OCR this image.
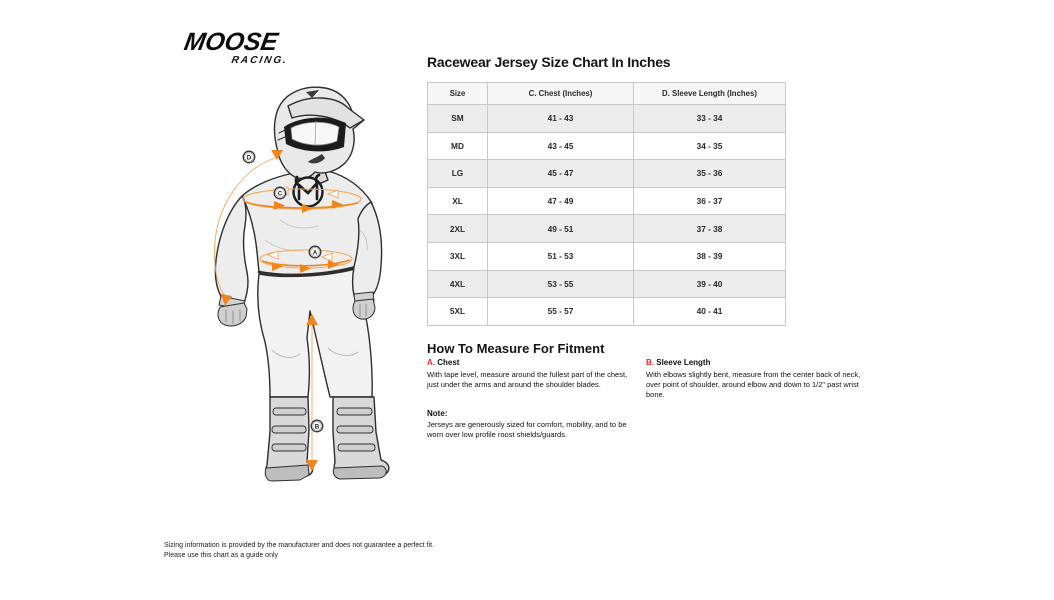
MOOSE
RACING.
D
C
A
B
Racewear Jersey Size Chart In Inches
Size	C. Chest (Inches)	D. Sleeve Length (Inches)
SM	41 - 43	33 - 34
MD	43 - 45	34 - 35
LG	45 - 47	35 - 36
XL	47 - 49	36 - 37
2XL	49 - 51	37 - 38
3XL	51 - 53	38 - 39
4XL	53 - 55	39 - 40
5XL	55 - 57	40 - 41
How To Measure For Fitment
A. Chest
With tape level, measure around the fullest part of the chest, just under the arms and around the shoulder blades.
B. Sleeve Length
With elbows slightly bent, measure from the center back of neck, over point of shoulder, around elbow and down to 1/2" past wrist bone.
Note:
Jerseys are generously sized for comfort, mobility, and to be worn over low profile roost shields/guards.
Sizing information is provided by the manufacturer and does not guarantee a perfect fit.
Please use this chart as a guide only
